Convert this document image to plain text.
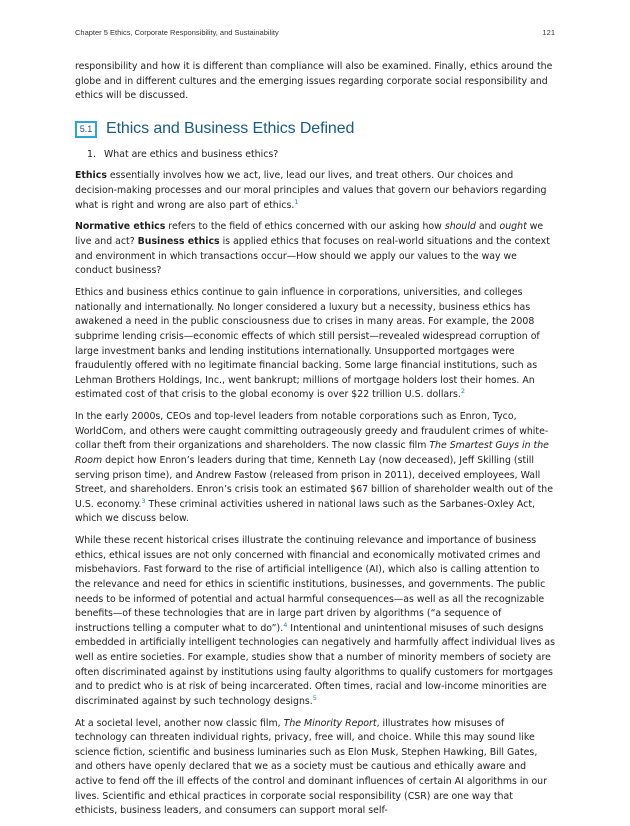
Chapter 5 Ethics, Corporate Responsibility, and Sustainability	121

responsibility and how it is different than compliance will also be examined. Finally, ethics around the globe and in different cultures and the emerging issues regarding corporate social responsibility and ethics will be discussed.

5.1 Ethics and Business Ethics Defined
1. What are ethics and business ethics?

Ethics essentially involves how we act, live, lead our lives, and treat others. Our choices and decision-making processes and our moral principles and values that govern our behaviors regarding what is right and wrong are also part of ethics.$^1$

Normative ethics refers to the field of ethics concerned with our asking how should and ought we live and act? Business ethics is applied ethics that focuses on real-world situations and the context and environment in which transactions occur—How should we apply our values to the way we conduct business?

Ethics and business ethics continue to gain influence in corporations, universities, and colleges nationally and internationally. No longer considered a luxury but a necessity, business ethics has awakened a need in the public consciousness due to crises in many areas. For example, the 2008 subprime lending crisis—economic effects of which still persist—revealed widespread corruption of large investment banks and lending institutions internationally. Unsupported mortgages were fraudulently offered with no legitimate financial backing. Some large financial institutions, such as Lehman Brothers Holdings, Inc., went bankrupt; millions of mortgage holders lost their homes. An estimated cost of that crisis to the global economy is over $22 trillion U.S. dollars.$^2$

In the early 2000s, CEOs and top-level leaders from notable corporations such as Enron, Tyco, WorldCom, and others were caught committing outrageously greedy and fraudulent crimes of white-collar theft from their organizations and shareholders. The now classic film The Smartest Guys in the Room depict how Enron’s leaders during that time, Kenneth Lay (now deceased), Jeff Skilling (still serving prison time), and Andrew Fastow (released from prison in 2011), deceived employees, Wall Street, and shareholders. Enron’s crisis took an estimated $67 billion of shareholder wealth out of the U.S. economy.$^3$ These criminal activities ushered in national laws such as the Sarbanes-Oxley Act, which we discuss below.

While these recent historical crises illustrate the continuing relevance and importance of business ethics, ethical issues are not only concerned with financial and economically motivated crimes and misbehaviors. Fast forward to the rise of artificial intelligence (AI), which also is calling attention to the relevance and need for ethics in scientific institutions, businesses, and governments. The public needs to be informed of potential and actual harmful consequences—as well as all the recognizable benefits—of these technologies that are in large part driven by algorithms (“a sequence of instructions telling a computer what to do”).$^4$ Intentional and unintentional misuses of such designs embedded in artificially intelligent technologies can negatively and harmfully affect individual lives as well as entire societies. For example, studies show that a number of minority members of society are often discriminated against by institutions using faulty algorithms to qualify customers for mortgages and to predict who is at risk of being incarcerated. Often times, racial and low-income minorities are discriminated against by such technology designs.$^5$

At a societal level, another now classic film, The Minority Report, illustrates how misuses of technology can threaten individual rights, privacy, free will, and choice. While this may sound like science fiction, scientific and business luminaries such as Elon Musk, Stephen Hawking, Bill Gates, and others have openly declared that we as a society must be cautious and ethically aware and active to fend off the ill effects of the control and dominant influences of certain AI algorithms in our lives. Scientific and ethical practices in corporate social responsibility (CSR) are one way that ethicists, business leaders, and consumers can support moral self-
